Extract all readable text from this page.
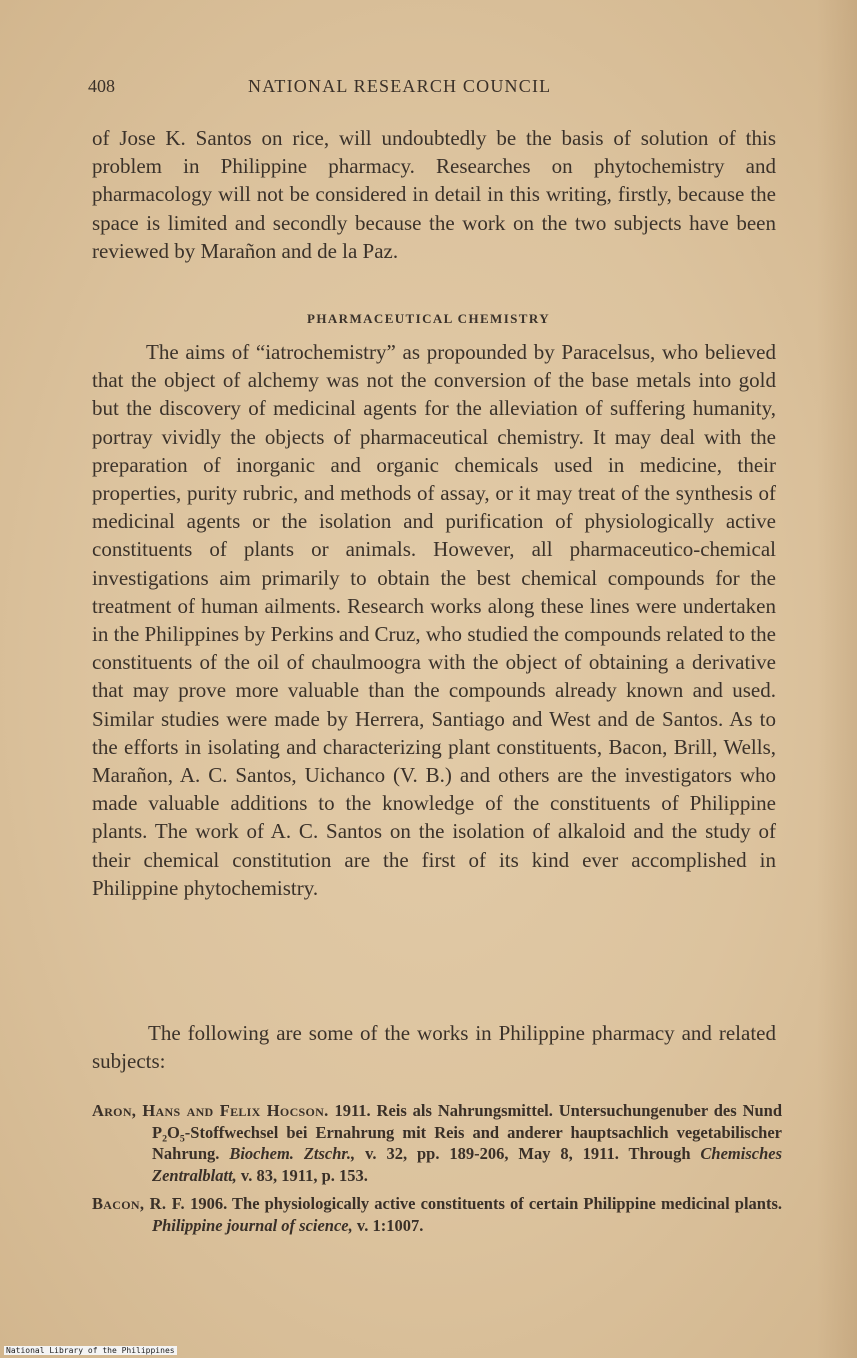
408	NATIONAL RESEARCH COUNCIL

of Jose K. Santos on rice, will undoubtedly be the basis of solution of this problem in Philippine pharmacy. Researches on phytochemistry and pharmacology will not be considered in detail in this writing, firstly, because the space is limited and secondly because the work on the two subjects have been reviewed by Marañon and de la Paz.

PHARMACEUTICAL CHEMISTRY

The aims of “iatrochemistry” as propounded by Paracelsus, who believed that the object of alchemy was not the conversion of the base metals into gold but the discovery of medicinal agents for the alleviation of suffering humanity, portray vividly the objects of pharmaceutical chemistry. It may deal with the preparation of inorganic and organic chemicals used in medicine, their properties, purity rubric, and methods of assay, or it may treat of the synthesis of medicinal agents or the isolation and purification of physiologically active constituents of plants or animals. However, all pharmaceutico-chemical investigations aim primarily to obtain the best chemical compounds for the treatment of human ailments. Research works along these lines were undertaken in the Philippines by Perkins and Cruz, who studied the compounds related to the constituents of the oil of chaulmoogra with the object of obtaining a derivative that may prove more valuable than the compounds already known and used. Similar studies were made by Herrera, Santiago and West and de Santos. As to the efforts in isolating and characterizing plant constituents, Bacon, Brill, Wells, Marañon, A. C. Santos, Uichanco (V. B.) and others are the investigators who made valuable additions to the knowledge of the constituents of Philippine plants. The work of A. C. Santos on the isolation of alkaloid and the study of their chemical constitution are the first of its kind ever accomplished in Philippine phytochemistry.

The following are some of the works in Philippine pharmacy and related subjects:

Aron, Hans and Felix Hocson. 1911. Reis als Nahrungsmittel. Untersuchungenuber des Nund P₂O₅-Stoffwechsel bei Ernahrung mit Reis and anderer hauptsachlich vegetabilischer Nahrung. Biochem. Ztschr., v. 32, pp. 189-206, May 8, 1911. Through Chemisches Zentralblatt, v. 83, 1911, p. 153.
Bacon, R. F. 1906. The physiologically active constituents of certain Philippine medicinal plants. Philippine journal of science, v. 1:1007.
National Library of the Philippines
